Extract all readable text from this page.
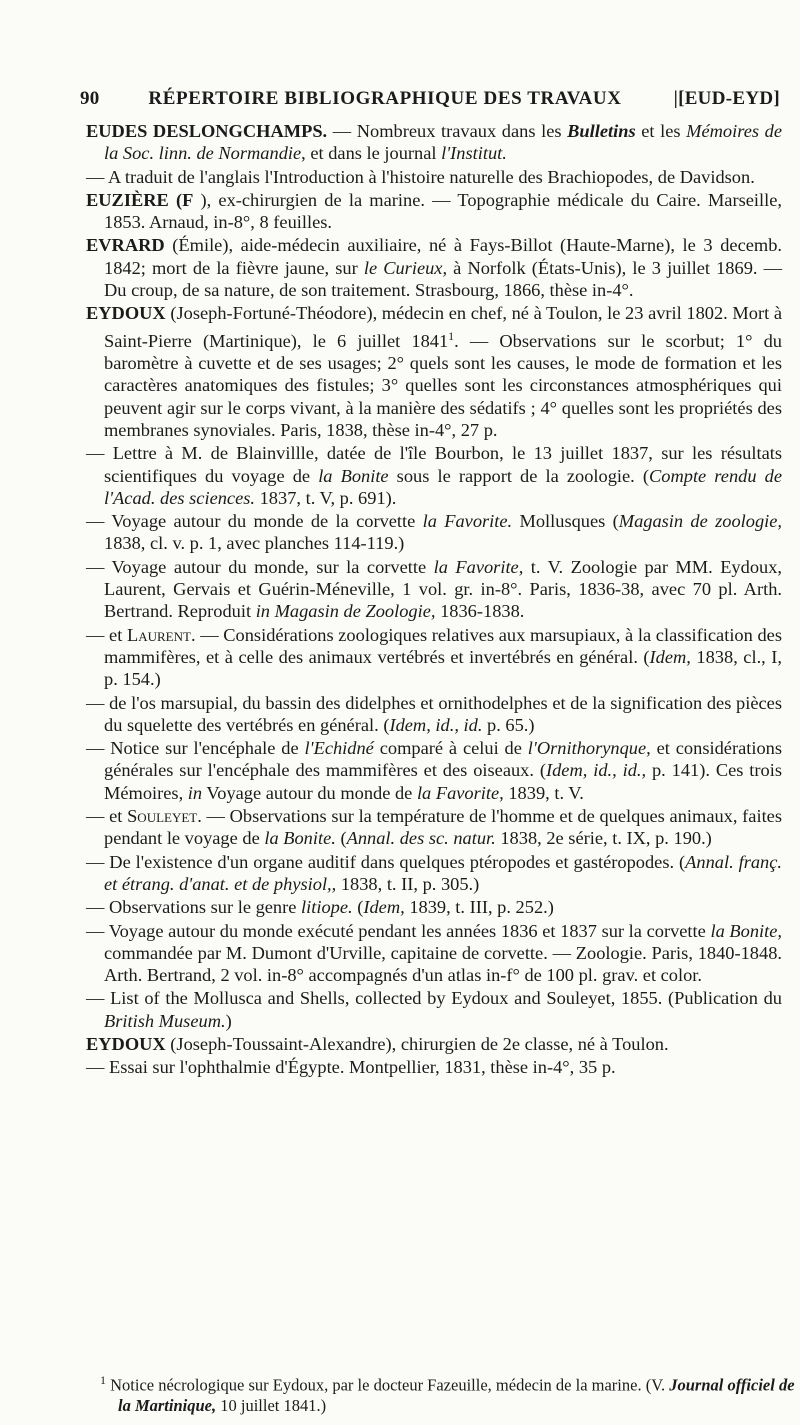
90	RÉPERTOIRE BIBLIOGRAPHIQUE DES TRAVAUX	|[EUD-EYD]

EUDES DESLONGCHAMPS. — Nombreux travaux dans les Bulletins et les Mémoires de la Soc. linn. de Normandie, et dans le journal l'Institut.

— A traduit de l'anglais l'Introduction à l'histoire naturelle des Brachiopodes, de Davidson.

EUZIÈRE (F ), ex-chirurgien de la marine. — Topographie médicale du Caire. Marseille, 1853. Arnaud, in-8°, 8 feuilles.

EVRARD (Émile), aide-médecin auxiliaire, né à Fays-Billot (Haute-Marne), le 3 decemb. 1842; mort de la fièvre jaune, sur le Curieux, à Norfolk (États-Unis), le 3 juillet 1869. — Du croup, de sa nature, de son traitement. Strasbourg, 1866, thèse in-4°.

EYDOUX (Joseph-Fortuné-Théodore), médecin en chef, né à Toulon, le 23 avril 1802. Mort à Saint-Pierre (Martinique), le 6 juillet 1841$^1$. — Observations sur le scorbut; 1° du baromètre à cuvette et de ses usages; 2° quels sont les causes, le mode de formation et les caractères anatomiques des fistules; 3° quelles sont les circonstances atmosphériques qui peuvent agir sur le corps vivant, à la manière des sédatifs ; 4° quelles sont les propriétés des membranes synoviales. Paris, 1838, thèse in-4°, 27 p.

— Lettre à M. de Blainvillle, datée de l'île Bourbon, le 13 juillet 1837, sur les résultats scientifiques du voyage de la Bonite sous le rapport de la zoologie. (Compte rendu de l'Acad. des sciences. 1837, t. V, p. 691).

— Voyage autour du monde de la corvette la Favorite. Mollusques (Magasin de zoologie, 1838, cl. v. p. 1, avec planches 114-119.)

— Voyage autour du monde, sur la corvette la Favorite, t. V. Zoologie par MM. Eydoux, Laurent, Gervais et Guérin-Méneville, 1 vol. gr. in-8°. Paris, 1836-38, avec 70 pl. Arth. Bertrand. Reproduit in Magasin de Zoologie, 1836-1838.

— et Laurent. — Considérations zoologiques relatives aux marsupiaux, à la classification des mammifères, et à celle des animaux vertébrés et invertébrés en général. (Idem, 1838, cl., I, p. 154.)

— de l'os marsupial, du bassin des didelphes et ornithodelphes et de la signification des pièces du squelette des vertébrés en général. (Idem, id., id. p. 65.)

— Notice sur l'encéphale de l'Echidné comparé à celui de l'Ornithorynque, et considérations générales sur l'encéphale des mammifères et des oiseaux. (Idem, id., id., p. 141). Ces trois Mémoires, in Voyage autour du monde de la Favorite, 1839, t. V.

— et Souleyet. — Observations sur la température de l'homme et de quelques animaux, faites pendant le voyage de la Bonite. (Annal. des sc. natur. 1838, 2e série, t. IX, p. 190.)

— De l'existence d'un organe auditif dans quelques ptéropodes et gastéropodes. (Annal. franç. et étrang. d'anat. et de physiol,, 1838, t. II, p. 305.)

— Observations sur le genre litiope. (Idem, 1839, t. III, p. 252.)

— Voyage autour du monde exécuté pendant les années 1836 et 1837 sur la corvette la Bonite, commandée par M. Dumont d'Urville, capitaine de corvette. — Zoologie. Paris, 1840-1848. Arth. Bertrand, 2 vol. in-8° accompagnés d'un atlas in-f° de 100 pl. grav. et color.

— List of the Mollusca and Shells, collected by Eydoux and Souleyet, 1855. (Publication du British Museum.)

EYDOUX (Joseph-Toussaint-Alexandre), chirurgien de 2e classe, né à Toulon.

— Essai sur l'ophthalmie d'Égypte. Montpellier, 1831, thèse in-4°, 35 p.

$^1$ Notice nécrologique sur Eydoux, par le docteur Fazeuille, médecin de la marine. (V. Journal officiel de la Martinique, 10 juillet 1841.)
